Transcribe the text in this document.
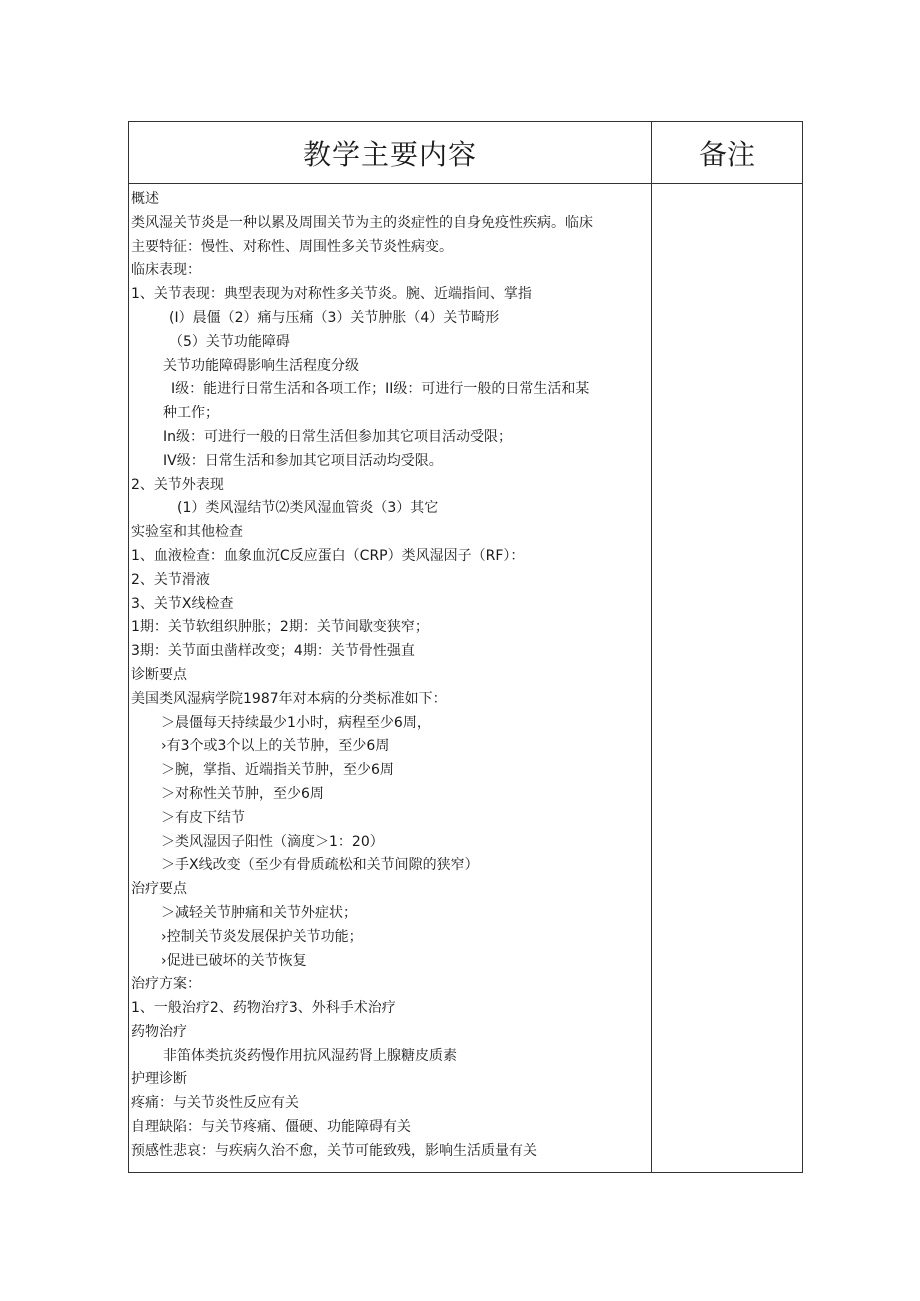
教学主要内容	备注
概述
类风湿关节炎是一种以累及周围关节为主的炎症性的自身免疫性疾病。临床
主要特征：慢性、对称性、周围性多关节炎性病变。
临床表现：
1、关节表现：典型表现为对称性多关节炎。腕、近端指间、掌指
(I）晨僵（2）痛与压痛（3）关节肿胀（4）关节畸形
（5）关节功能障碍
关节功能障碍影响生活程度分级
I级：能进行日常生活和各项工作；II级：可进行一般的日常生活和某
种工作；
In级：可进行一般的日常生活但参加其它项目活动受限；
IV级：日常生活和参加其它项目活动均受限。
2、关节外表现
(1）类风湿结节⑵类风湿血管炎（3）其它
实验室和其他检查
1、血液检查：血象血沉C反应蛋白（CRP）类风湿因子（RF）：
2、关节滑液
3、关节X线检查
1期：关节软组织肿胀；2期：关节间歇变狭窄；
3期：关节面虫凿样改变；4期：关节骨性强直
诊断要点
美国类风湿病学院1987年对本病的分类标准如下：
＞晨僵每天持续最少1小时，病程至少6周，
›有3个或3个以上的关节肿，至少6周
＞腕，掌指、近端指关节肿，至少6周
＞对称性关节肿，至少6周
＞有皮下结节
＞类风湿因子阳性（滴度＞1：20）
＞手X线改变（至少有骨质疏松和关节间隙的狭窄）
治疗要点
＞减轻关节肿痛和关节外症状；
›控制关节炎发展保护关节功能；
›促进已破坏的关节恢复
治疗方案：
1、一般治疗2、药物治疗3、外科手术治疗
药物治疗
非笛体类抗炎药慢作用抗风湿药肾上腺糖皮质素
护理诊断
疼痛：与关节炎性反应有关
自理缺陷：与关节疼痛、僵硬、功能障碍有关
预感性悲哀：与疾病久治不愈，关节可能致残，影响生活质量有关
